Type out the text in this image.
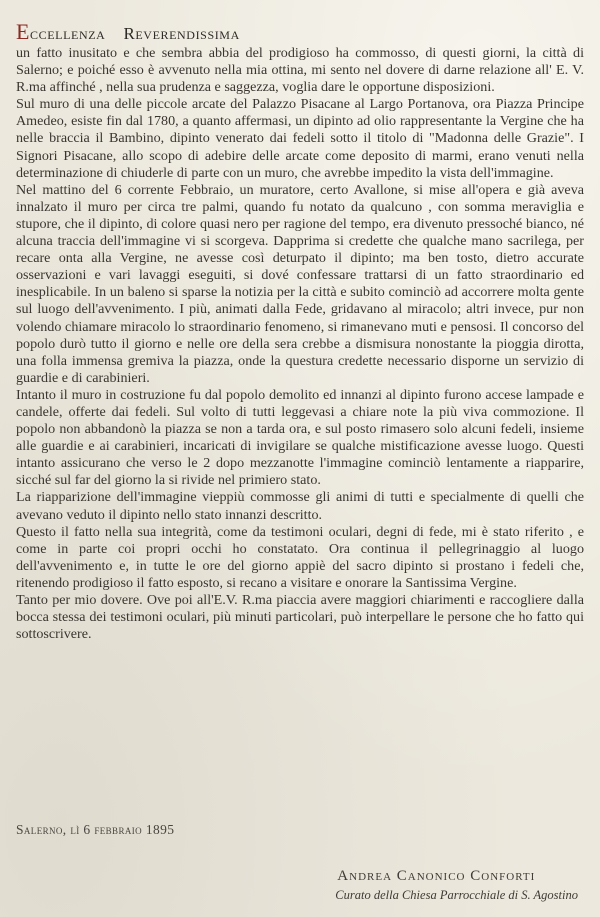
Eccellenza Reverendissima

un fatto inusitato e che sembra abbia del prodigioso ha commosso, di questi giorni, la città di Salerno; e poiché esso è avvenuto nella mia ottina, mi sento nel dovere di darne relazione all' E. V. R.ma affinché , nella sua prudenza e saggezza, voglia dare le opportune disposizioni.

Sul muro di una delle piccole arcate del Palazzo Pisacane al Largo Portanova, ora Piazza Principe Amedeo, esiste fin dal 1780, a quanto affermasi, un dipinto ad olio rappresentante la Vergine che ha nelle braccia il Bambino, dipinto venerato dai fedeli sotto il titolo di "Madonna delle Grazie". I Signori Pisacane, allo scopo di adebire delle arcate come deposito di marmi, erano venuti nella determinazione di chiuderle di parte con un muro, che avrebbe impedito la vista dell'immagine.

Nel mattino del 6 corrente Febbraio, un muratore, certo Avallone, si mise all'opera e già aveva innalzato il muro per circa tre palmi, quando fu notato da qualcuno , con somma meraviglia e stupore, che il dipinto, di colore quasi nero per ragione del tempo, era divenuto pressoché bianco, né alcuna traccia dell'immagine vi si scorgeva. Dapprima si credette che qualche mano sacrilega, per recare onta alla Vergine, ne avesse così deturpato il dipinto; ma ben tosto, dietro accurate osservazioni e vari lavaggi eseguiti, si dové confessare trattarsi di un fatto straordinario ed inesplicabile. In un baleno si sparse la notizia per la città e subito cominciò ad accorrere molta gente sul luogo dell'avvenimento. I più, animati dalla Fede, gridavano al miracolo; altri invece, pur non volendo chiamare miracolo lo straordinario fenomeno, si rimanevano muti e pensosi. Il concorso del popolo durò tutto il giorno e nelle ore della sera crebbe a dismisura nonostante la pioggia dirotta, una folla immensa gremiva la piazza, onde la questura credette necessario disporne un servizio di guardie e di carabinieri.

Intanto il muro in costruzione fu dal popolo demolito ed innanzi al dipinto furono accese lampade e candele, offerte dai fedeli. Sul volto di tutti leggevasi a chiare note la più viva commozione. Il popolo non abbandonò la piazza se non a tarda ora, e sul posto rimasero solo alcuni fedeli, insieme alle guardie e ai carabinieri, incaricati di invigilare se qualche mistificazione avesse luogo. Questi intanto assicurano che verso le 2 dopo mezzanotte l'immagine cominciò lentamente a riapparire, sicché sul far del giorno la si rivide nel primiero stato.

La riapparizione dell'immagine vieppiù commosse gli animi di tutti e specialmente di quelli che avevano veduto il dipinto nello stato innanzi descritto.

Questo il fatto nella sua integrità, come da testimoni oculari, degni di fede, mi è stato riferito , e come in parte coi propri occhi ho constatato. Ora continua il pellegrinaggio al luogo dell'avvenimento e, in tutte le ore del giorno appiè del sacro dipinto si prostano i fedeli che, ritenendo prodigioso il fatto esposto, si recano a visitare e onorare la Santissima Vergine.

Tanto per mio dovere. Ove poi all'E.V. R.ma piaccia avere maggiori chiarimenti e raccogliere dalla bocca stessa dei testimoni oculari, più minuti particolari, può interpellare le persone che ho fatto qui sottoscrivere.

Salerno, lì 6 febbraio 1895
Andrea Canonico Conforti
Curato della Chiesa Parrocchiale di S. Agostino
